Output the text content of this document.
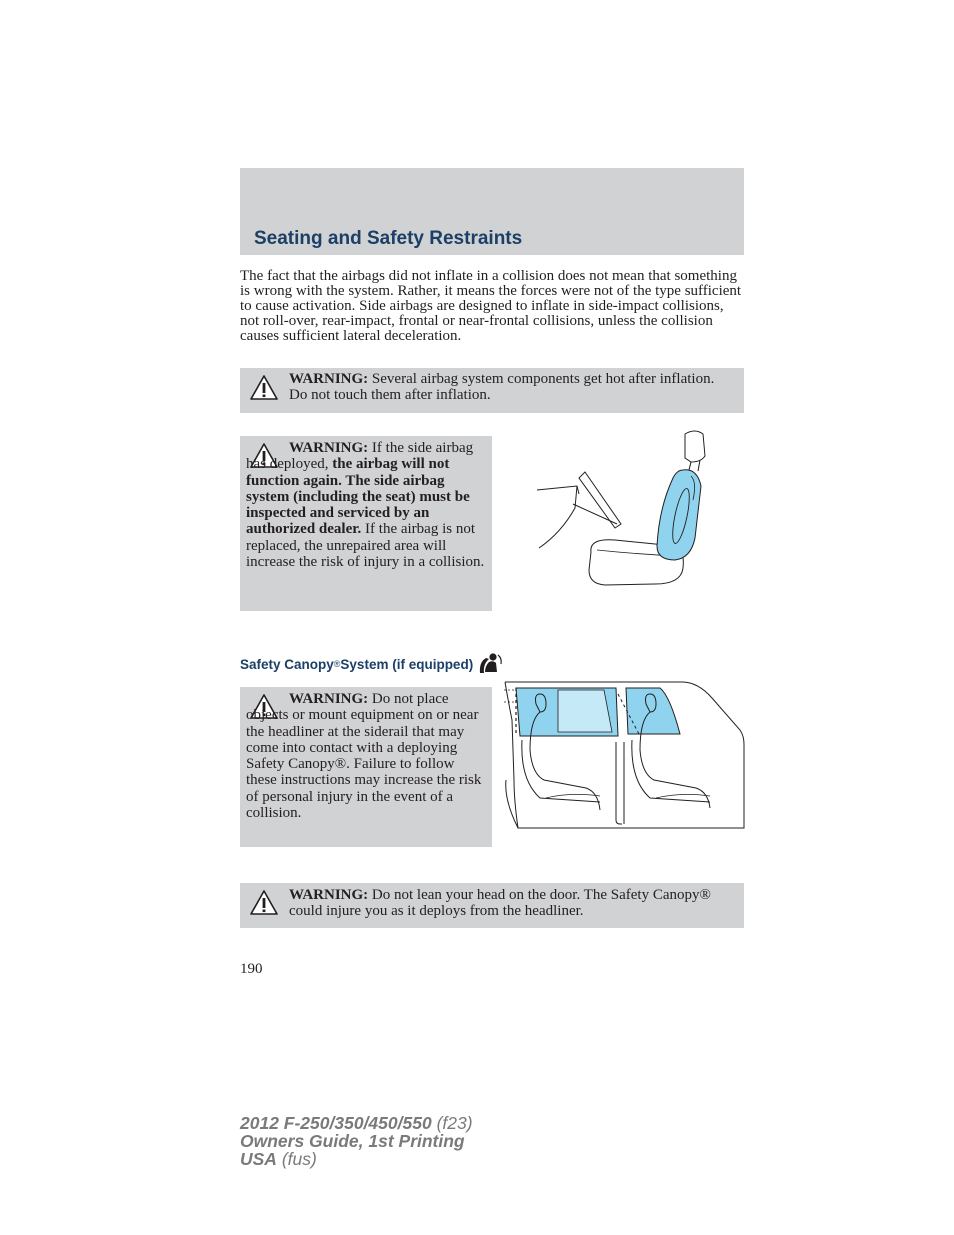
Seating and Safety Restraints

The fact that the airbags did not inflate in a collision does not mean that something is wrong with the system. Rather, it means the forces were not of the type sufficient to cause activation. Side airbags are designed to inflate in side-impact collisions, not roll-over, rear-impact, frontal or near-frontal collisions, unless the collision causes sufficient lateral deceleration.

WARNING: Several airbag system components get hot after inflation. Do not touch them after inflation.

WARNING: If the side airbag has deployed, the airbag will not function again. The side airbag system (including the seat) must be inspected and serviced by an authorized dealer. If the airbag is not replaced, the unrepaired area will increase the risk of injury in a collision.

Safety Canopy ® System (if equipped)

WARNING: Do not place objects or mount equipment on or near the headliner at the siderail that may come into contact with a deploying Safety Canopy®. Failure to follow these instructions may increase the risk of personal injury in the event of a collision.

WARNING: Do not lean your head on the door. The Safety Canopy® could injure you as it deploys from the headliner.

190
2012 F-250/350/450/550 (f23)
Owners Guide, 1st Printing
USA (fus)
